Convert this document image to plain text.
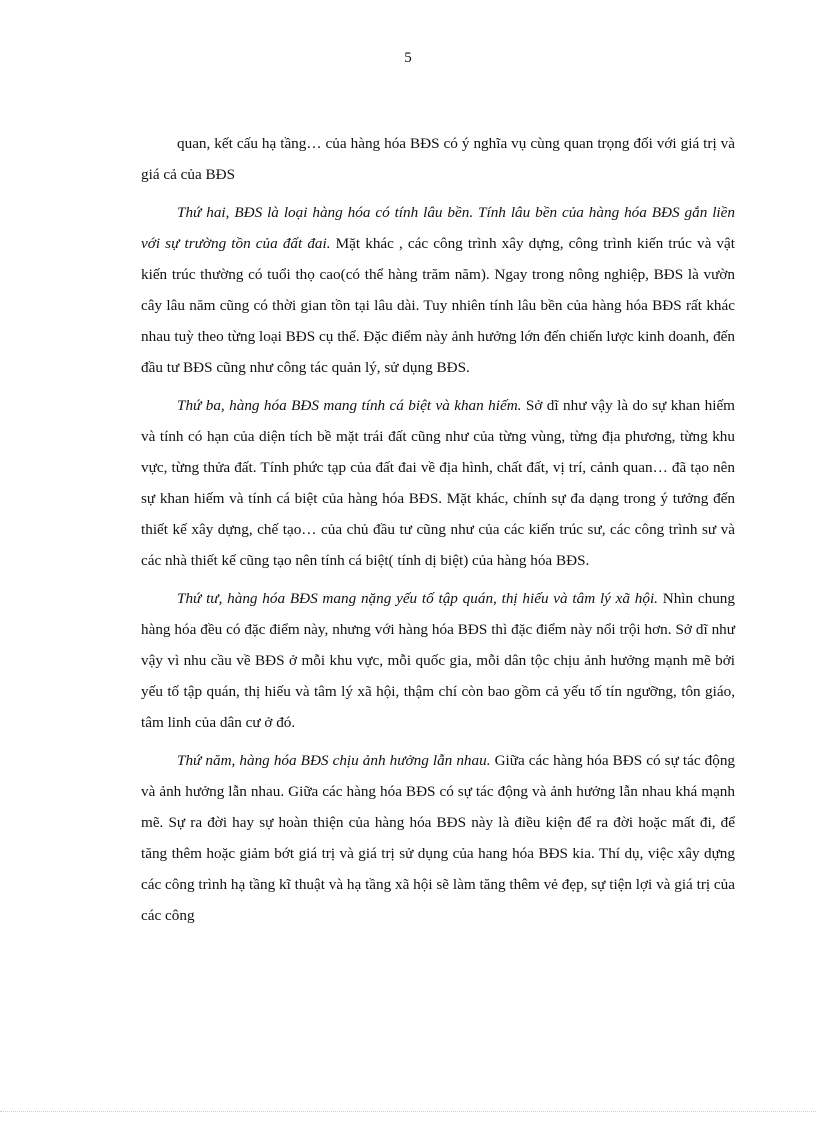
5

quan, kết cấu hạ tầng… của hàng hóa BĐS có ý nghĩa vụ cùng quan trọng đối với giá trị và giá cả của BĐS

Thứ hai, BĐS là loại hàng hóa có tính lâu bền. Tính lâu bền của hàng hóa BĐS gắn liền với sự trường tồn của đất đai. Mặt khác , các công trình xây dựng, công trình kiến trúc và vật kiến trúc thường có tuổi thọ cao(có thể hàng trăm năm). Ngay trong nông nghiệp, BĐS là vườn cây lâu năm cũng có thời gian tồn tại lâu dài. Tuy nhiên tính lâu bền của hàng hóa BĐS rất khác nhau tuỳ theo từng loại BĐS cụ thể. Đặc điểm này ảnh hưởng lớn đến chiến lược kinh doanh, đến đầu tư BĐS cũng như công tác quản lý, sử dụng BĐS.

Thứ ba, hàng hóa BĐS mang tính cá biệt và khan hiếm. Sở dĩ như vậy là do sự khan hiếm và tính có hạn của diện tích bề mặt trái đất cũng như của từng vùng, từng địa phương, từng khu vực, từng thửa đất. Tính phức tạp của đất đai về địa hình, chất đất, vị trí, cảnh quan… đã tạo nên sự khan hiếm và tính cá biệt của hàng hóa BĐS. Mặt khác, chính sự đa dạng trong ý tưởng đến thiết kế xây dựng, chế tạo… của chủ đầu tư cũng như của các kiến trúc sư, các công trình sư và các nhà thiết kế cũng tạo nên tính cá biệt( tính dị biệt) của hàng hóa BĐS.

Thứ tư, hàng hóa BĐS mang nặng yếu tố tập quán, thị hiếu và tâm lý xã hội. Nhìn chung hàng hóa đều có đặc điểm này, nhưng với hàng hóa BĐS thì đặc điểm này nổi trội hơn. Sở dĩ như vậy vì nhu cầu về BĐS ở mỗi khu vực, mỗi quốc gia, mỗi dân tộc chịu ảnh hưởng mạnh mẽ bởi yếu tố tập quán, thị hiếu và tâm lý xã hội, thậm chí còn bao gồm cả yếu tố tín ngưỡng, tôn giáo, tâm linh của dân cư ở đó.

Thứ năm, hàng hóa BĐS chịu ảnh hưởng lẫn nhau. Giữa các hàng hóa BĐS có sự tác động và ảnh hưởng lẫn nhau. Giữa các hàng hóa BĐS có sự tác động và ảnh hưởng lẫn nhau khá mạnh mẽ. Sự ra đời hay sự hoàn thiện của hàng hóa BĐS này là điều kiện để ra đời hoặc mất đi, để tăng thêm hoặc giảm bớt giá trị và giá trị sử dụng của hang hóa BĐS kia. Thí dụ, việc xây dựng các công trình hạ tầng kĩ thuật và hạ tầng xã hội sẽ làm tăng thêm vẻ đẹp, sự tiện lợi và giá trị của các công
